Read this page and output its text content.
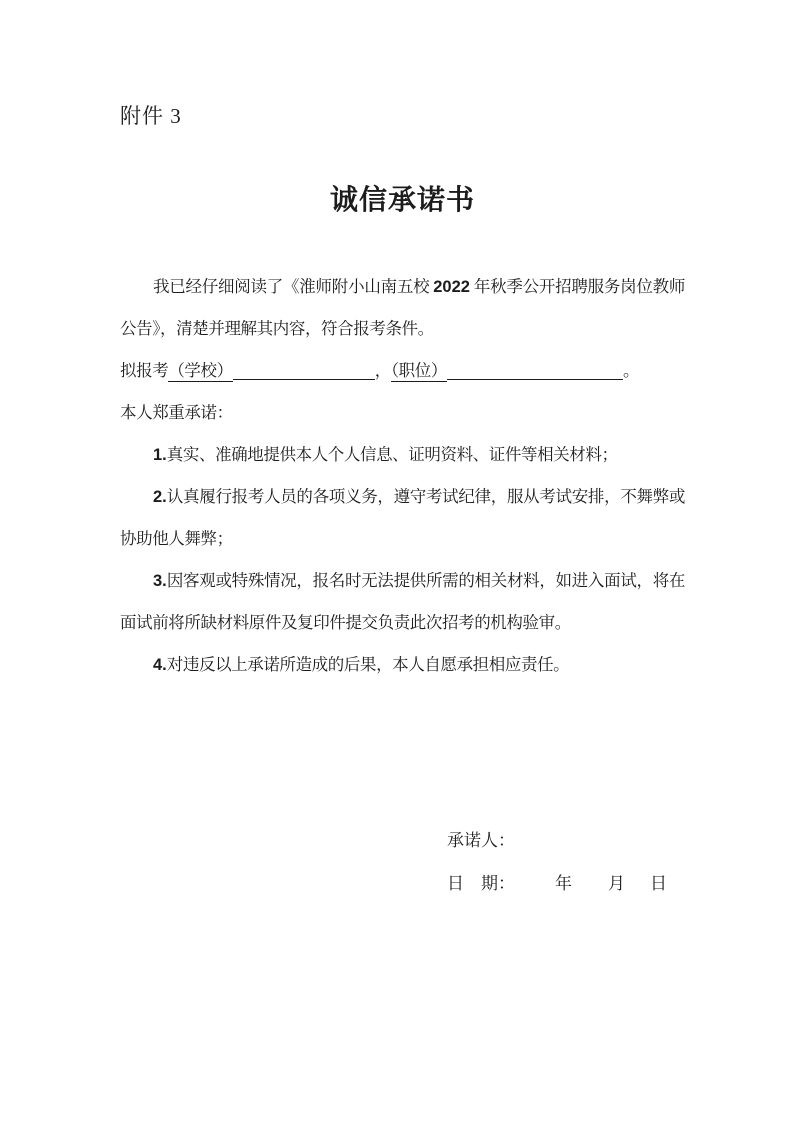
附件 3
诚信承诺书

我已经仔细阅读了《淮师附小山南五校 2022 年秋季公开招聘服务岗位教师公告》，清楚并理解其内容，符合报考条件。

拟报考（学校）	，（职位）	。

本人郑重承诺：

1.真实、准确地提供本人个人信息、证明资料、证件等相关材料；

2.认真履行报考人员的各项义务，遵守考试纪律，服从考试安排，不舞弊或协助他人舞弊；

3.因客观或特殊情况，报名时无法提供所需的相关材料，如进入面试，将在面试前将所缺材料原件及复印件提交负责此次招考的机构验审。

4.对违反以上承诺所造成的后果，本人自愿承担相应责任。

承诺人：

日　期： 年 月 日
